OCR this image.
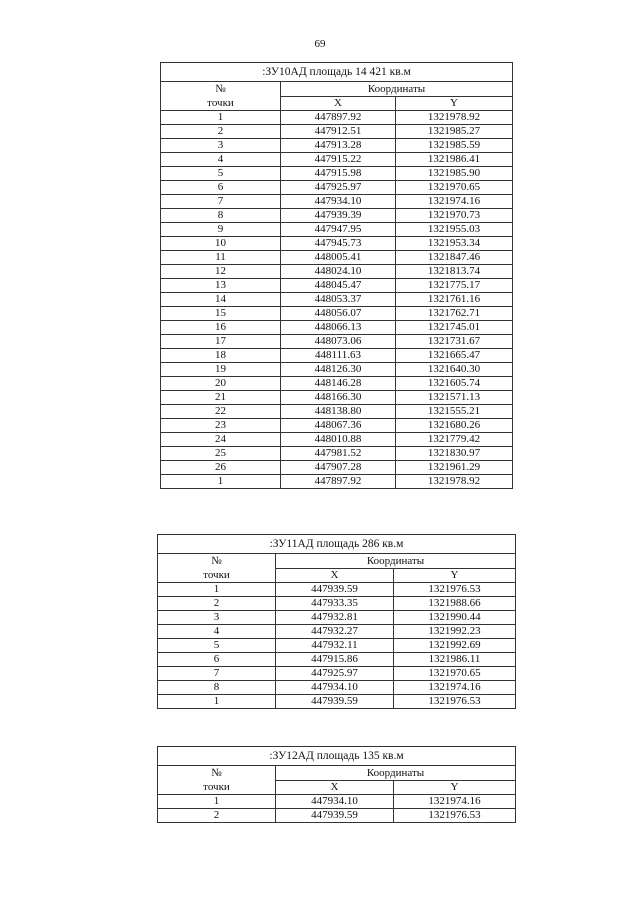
69
:ЗУ10АД площадь 14 421 кв.м		
№	Координаты	
точки	X	Y
1	447897.92	1321978.92
2	447912.51	1321985.27
3	447913.28	1321985.59
4	447915.22	1321986.41
5	447915.98	1321985.90
6	447925.97	1321970.65
7	447934.10	1321974.16
8	447939.39	1321970.73
9	447947.95	1321955.03
10	447945.73	1321953.34
11	448005.41	1321847.46
12	448024.10	1321813.74
13	448045.47	1321775.17
14	448053.37	1321761.16
15	448056.07	1321762.71
16	448066.13	1321745.01
17	448073.06	1321731.67
18	448111.63	1321665.47
19	448126.30	1321640.30
20	448146.28	1321605.74
21	448166.30	1321571.13
22	448138.80	1321555.21
23	448067.36	1321680.26
24	448010.88	1321779.42
25	447981.52	1321830.97
26	447907.28	1321961.29
1	447897.92	1321978.92
:ЗУ11АД площадь 286 кв.м		
№	Координаты	
точки	X	Y
1	447939.59	1321976.53
2	447933.35	1321988.66
3	447932.81	1321990.44
4	447932.27	1321992.23
5	447932.11	1321992.69
6	447915.86	1321986.11
7	447925.97	1321970.65
8	447934.10	1321974.16
1	447939.59	1321976.53
:ЗУ12АД площадь 135 кв.м		
№	Координаты	
точки	X	Y
1	447934.10	1321974.16
2	447939.59	1321976.53
